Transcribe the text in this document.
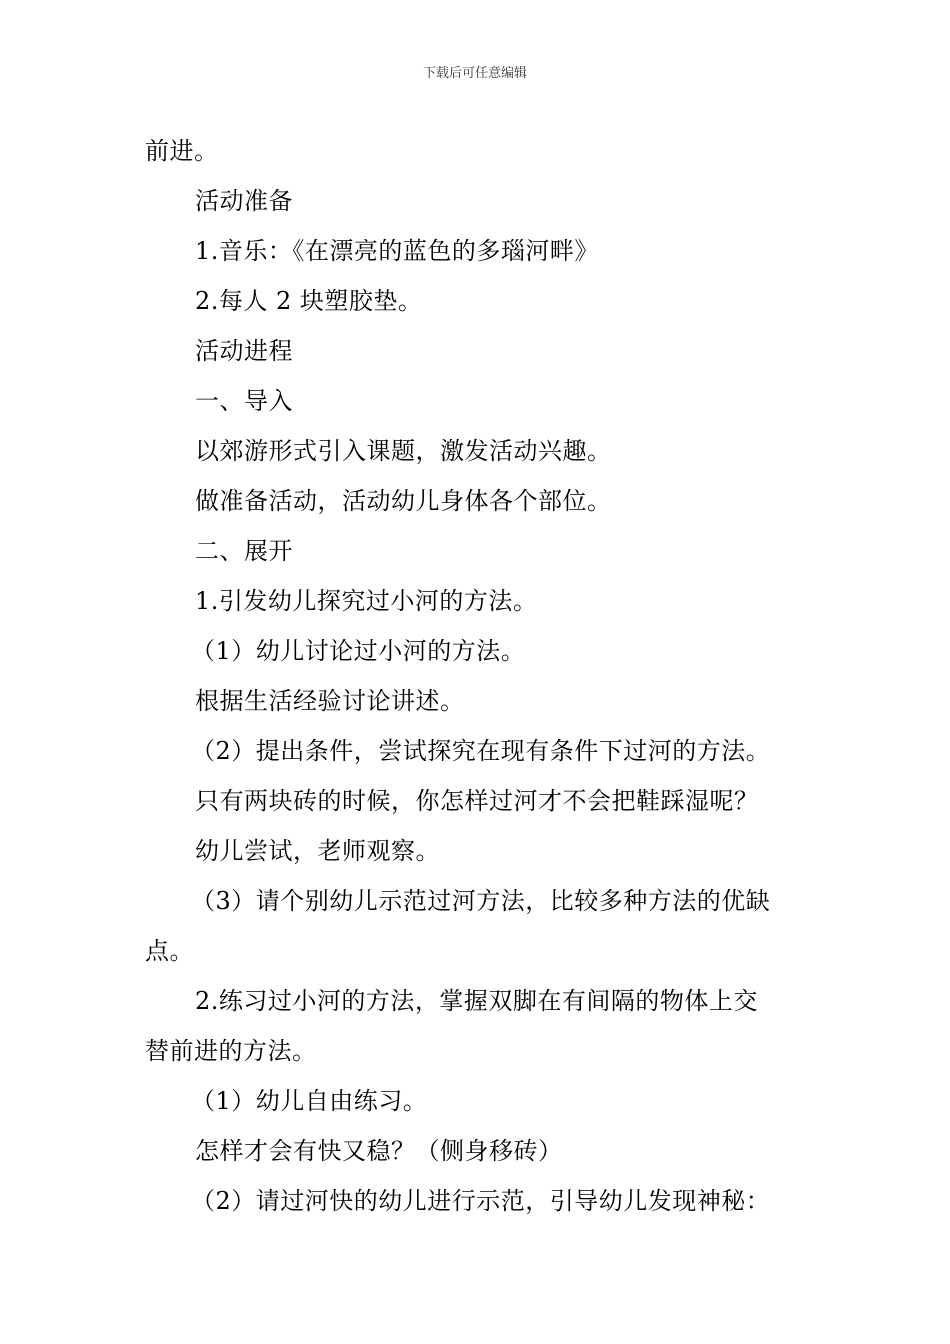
下载后可任意编辑
前进。
活动准备
1.音乐：《在漂亮的蓝色的多瑙河畔》
2.每人 2 块塑胶垫。
活动进程
一、导入
以郊游形式引入课题，激发活动兴趣。
做准备活动，活动幼儿身体各个部位。
二、展开
1.引发幼儿探究过小河的方法。
（1）幼儿讨论过小河的方法。
根据生活经验讨论讲述。
（2）提出条件，尝试探究在现有条件下过河的方法。
只有两块砖的时候，你怎样过河才不会把鞋踩湿呢？
幼儿尝试，老师观察。
（3）请个别幼儿示范过河方法，比较多种方法的优缺
点。
2.练习过小河的方法，掌握双脚在有间隔的物体上交
替前进的方法。
（1）幼儿自由练习。
怎样才会有快又稳？（侧身移砖）
（2）请过河快的幼儿进行示范，引导幼儿发现神秘：
